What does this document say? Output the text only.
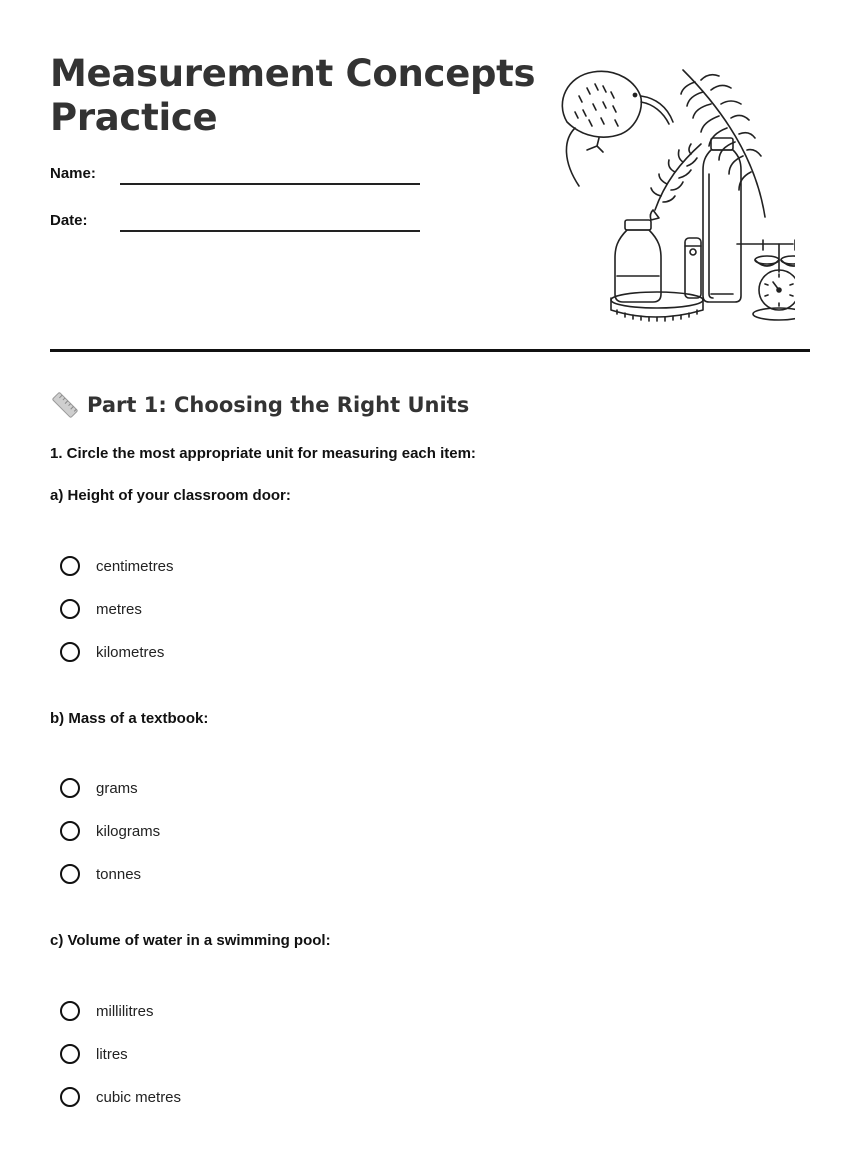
Measurement Concepts
Practice
Name:
Date:
Part 1: Choosing the Right Units
1. Circle the most appropriate unit for measuring each item:
a) Height of your classroom door:
centimetres
metres
kilometres
b) Mass of a textbook:
grams
kilograms
tonnes
c) Volume of water in a swimming pool:
millilitres
litres
cubic metres
